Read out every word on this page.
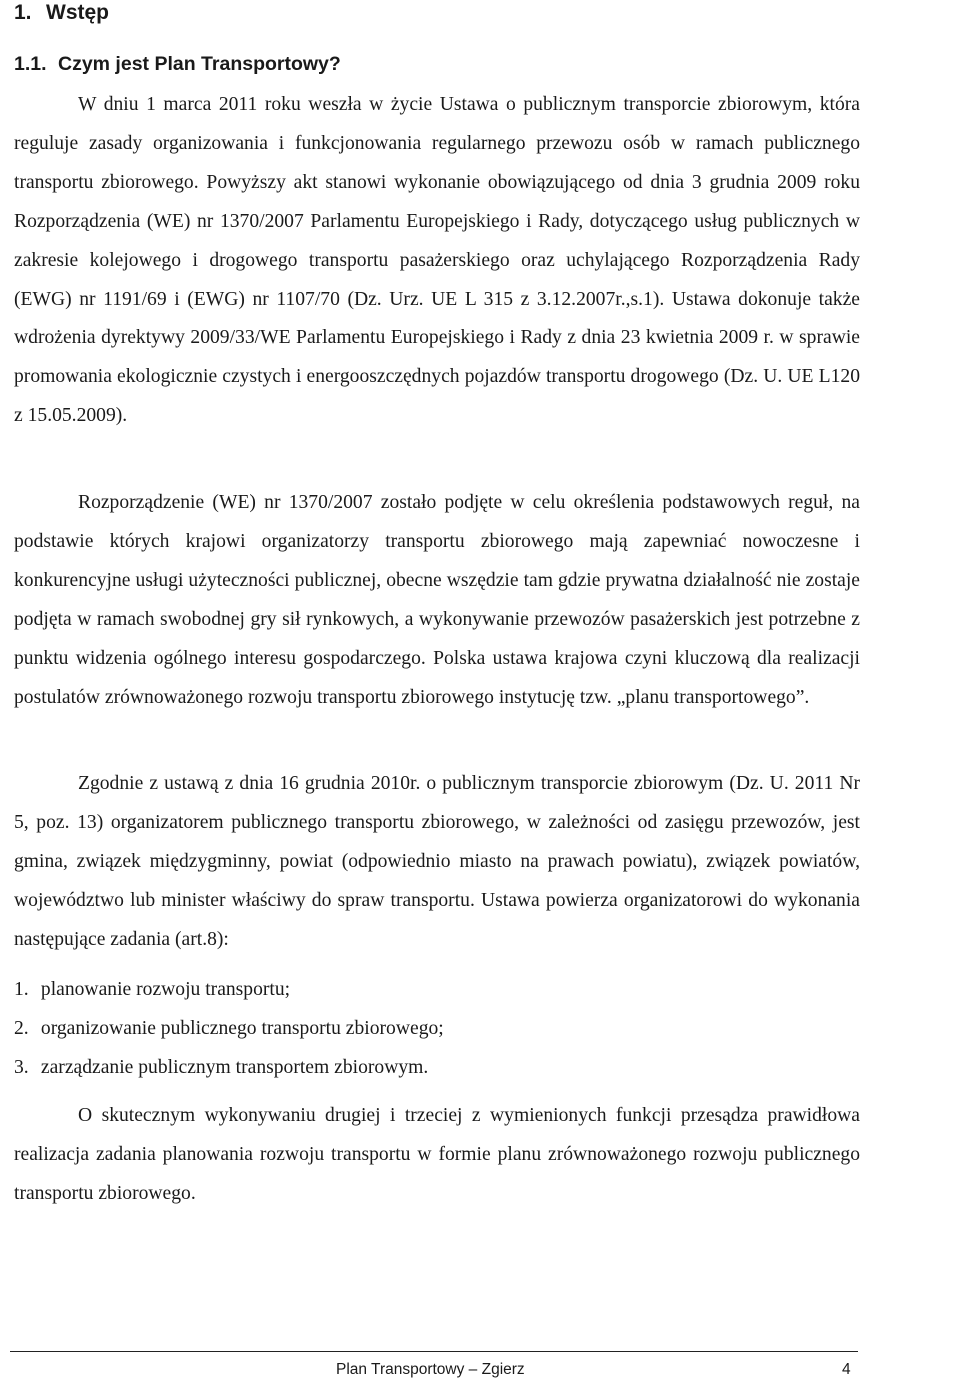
1. Wstęp
1.1. Czym jest Plan Transportowy?

W dniu 1 marca 2011 roku weszła w życie Ustawa o publicznym transporcie zbiorowym, która reguluje zasady organizowania i funkcjonowania regularnego przewozu osób w ramach publicznego transportu zbiorowego. Powyższy akt stanowi wykonanie obowiązującego od dnia 3 grudnia 2009 roku Rozporządzenia (WE) nr 1370/2007 Parlamentu Europejskiego i Rady, dotyczącego usług publicznych w zakresie kolejowego i drogowego transportu pasażerskiego oraz uchylającego Rozporządzenia Rady (EWG) nr 1191/69 i (EWG) nr 1107/70 (Dz. Urz. UE L 315 z 3.12.2007r.,s.1). Ustawa dokonuje także wdrożenia dyrektywy 2009/33/WE Parlamentu Europejskiego i Rady z dnia 23 kwietnia 2009 r. w sprawie promowania ekologicznie czystych i energooszczędnych pojazdów transportu drogowego (Dz. U. UE L120 z 15.05.2009).

Rozporządzenie (WE) nr 1370/2007 zostało podjęte w celu określenia podstawowych reguł, na podstawie których krajowi organizatorzy transportu zbiorowego mają zapewniać nowoczesne i konkurencyjne usługi użyteczności publicznej, obecne wszędzie tam gdzie prywatna działalność nie zostaje podjęta w ramach swobodnej gry sił rynkowych, a wykonywanie przewozów pasażerskich jest potrzebne z punktu widzenia ogólnego interesu gospodarczego. Polska ustawa krajowa czyni kluczową dla realizacji postulatów zrównoważonego rozwoju transportu zbiorowego instytucję tzw. „planu transportowego”.

Zgodnie z ustawą z dnia 16 grudnia 2010r. o publicznym transporcie zbiorowym (Dz. U. 2011 Nr 5, poz. 13) organizatorem publicznego transportu zbiorowego, w zależności od zasięgu przewozów, jest gmina, związek międzygminny, powiat (odpowiednio miasto na prawach powiatu), związek powiatów, województwo lub minister właściwy do spraw transportu. Ustawa powierza organizatorowi do wykonania następujące zadania (art.8):

1. planowanie rozwoju transportu;
2. organizowanie publicznego transportu zbiorowego;
3. zarządzanie publicznym transportem zbiorowym.

O skutecznym wykonywaniu drugiej i trzeciej z wymienionych funkcji przesądza prawidłowa realizacja zadania planowania rozwoju transportu w formie planu zrównoważonego rozwoju publicznego transportu zbiorowego.

Plan Transportowy – Zgierz	4
